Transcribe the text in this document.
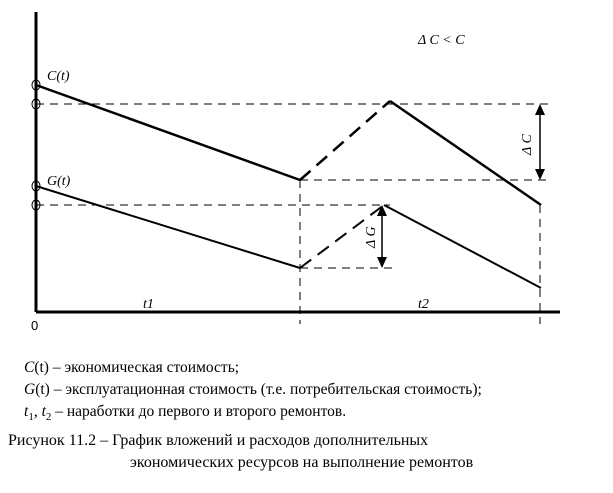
Δ C < C
C(t)
G(t)
Δ C
Δ G
0
t1	t2
C(t) – экономическая стоимость;
G(t) – эксплуатационная стоимость (т.е. потребительская стоимость);
$t_1$, $t_2$ – наработки до первого и второго ремонтов.
Рисунок 11.2 – График вложений и расходов дополнительных
экономических ресурсов на выполнение ремонтов
